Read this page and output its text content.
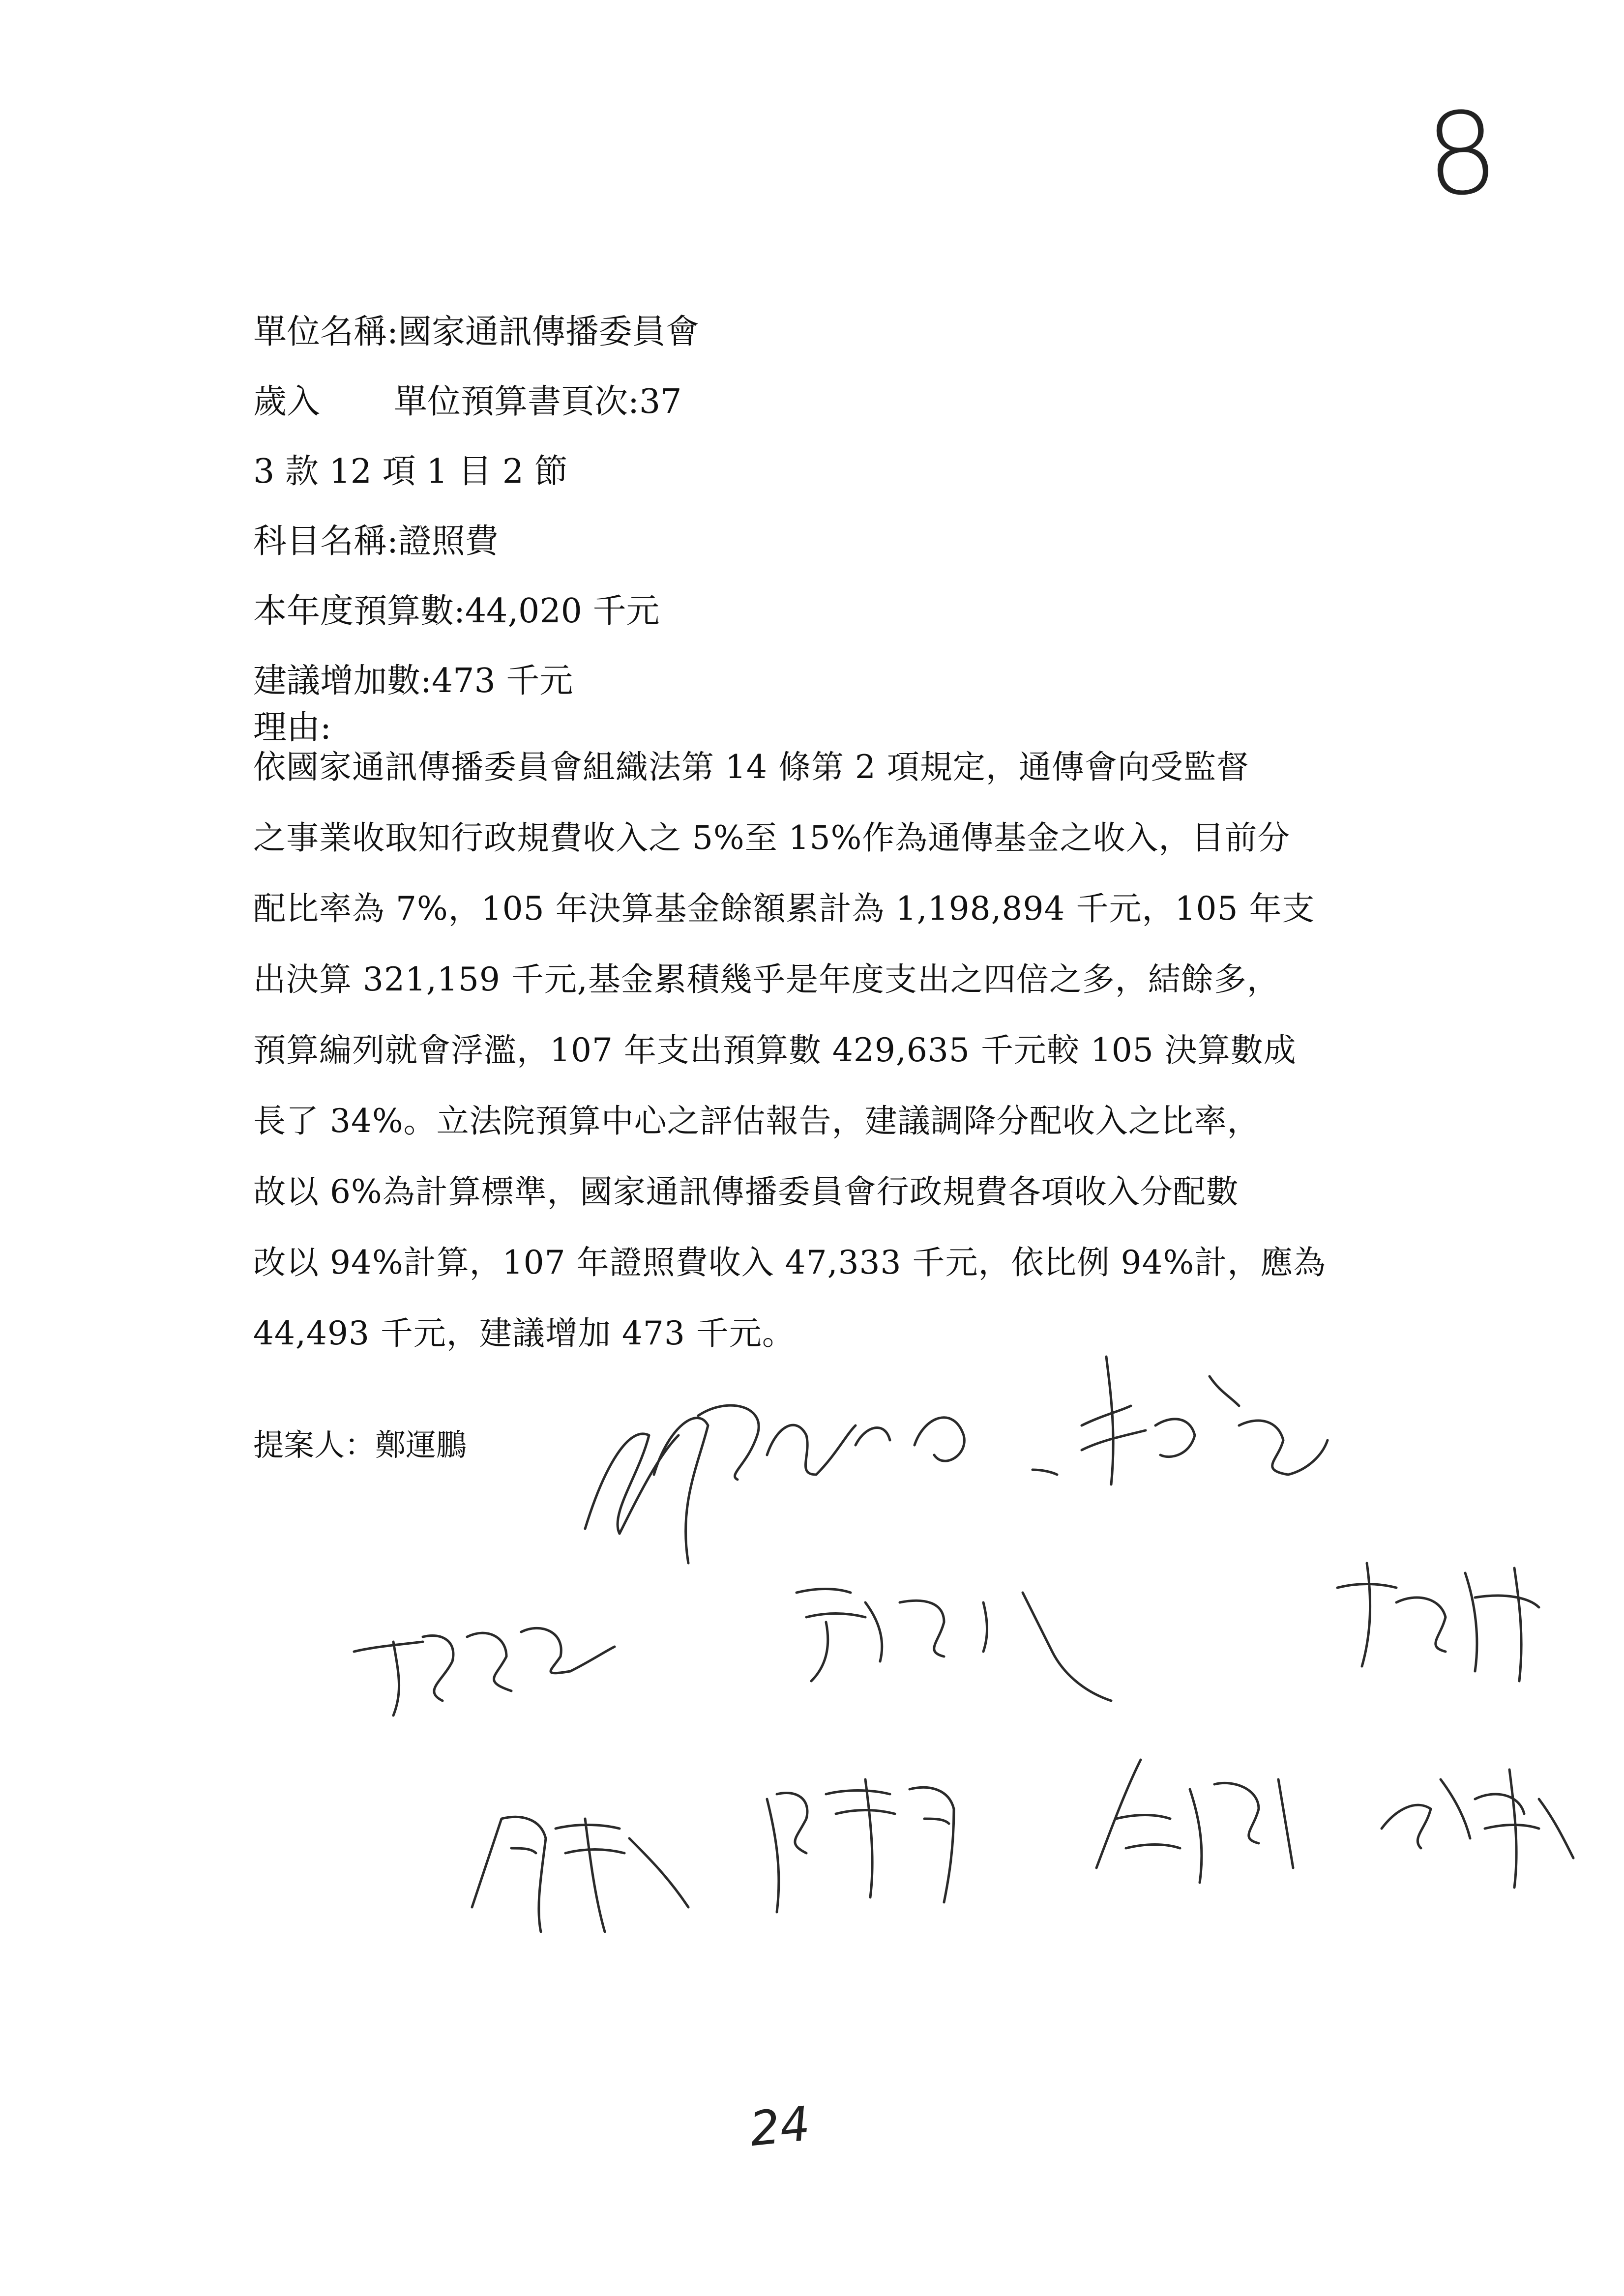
8
單位名稱:國家通訊傳播委員會
歲入 單位預算書頁次:37
3 款 12 項 1 目 2 節
科目名稱:證照費
本年度預算數:44,020 千元
建議增加數:473 千元
理由:
依國家通訊傳播委員會組織法第 14 條第 2 項規定，通傳會向受監督
之事業收取知行政規費收入之 5%至 15%作為通傳基金之收入，目前分
配比率為 7%，105 年決算基金餘額累計為 1,198,894 千元，105 年支
出決算 321,159 千元,基金累積幾乎是年度支出之四倍之多，結餘多，
預算編列就會浮濫，107 年支出預算數 429,635 千元較 105 決算數成
長了 34%。立法院預算中心之評估報告，建議調降分配收入之比率，
故以 6%為計算標準，國家通訊傳播委員會行政規費各項收入分配數
改以 94%計算，107 年證照費收入 47,333 千元，依比例 94%計，應為
44,493 千元，建議增加 473 千元。
提案人：鄭運鵬
24
